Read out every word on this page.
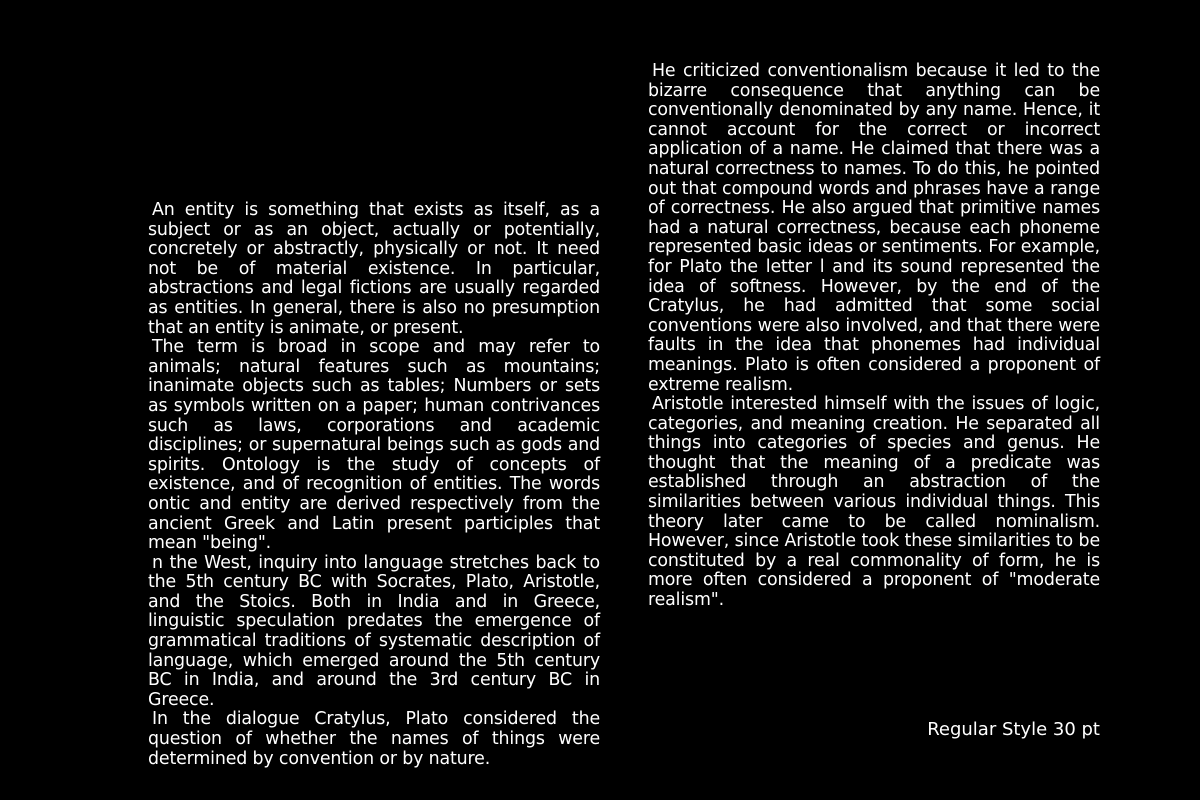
An entity is something that exists as itself, as a subject or as an object, actually or potentially, concretely or abstractly, physically or not. It need not be of material existence. In particular, abstractions and legal fictions are usually regarded as entities. In general, there is also no presumption that an entity is animate, or present.

The term is broad in scope and may refer to animals; natural features such as mountains; inanimate objects such as tables; Numbers or sets as symbols written on a paper; human contrivances such as laws, corporations and academic disciplines; or supernatural beings such as gods and spirits. Ontology is the study of concepts of existence, and of recognition of entities. The words ontic and entity are derived respectively from the ancient Greek and Latin present participles that mean "being".

n the West, inquiry into language stretches back to the 5th century BC with Socrates, Plato, Aristotle, and the Stoics. Both in India and in Greece, linguistic speculation predates the emergence of grammatical traditions of systematic description of language, which emerged around the 5th century BC in India, and around the 3rd century BC in Greece.

In the dialogue Cratylus, Plato considered the question of whether the names of things were determined by convention or by nature.

He criticized conventionalism because it led to the bizarre consequence that anything can be conventionally denominated by any name. Hence, it cannot account for the correct or incorrect application of a name. He claimed that there was a natural correctness to names. To do this, he pointed out that compound words and phrases have a range of correctness. He also argued that primitive names had a natural correctness, because each phoneme represented basic ideas or sentiments. For example, for Plato the letter l and its sound represented the idea of softness. However, by the end of the Cratylus, he had admitted that some social conventions were also involved, and that there were faults in the idea that phonemes had individual meanings. Plato is often considered a proponent of extreme realism.

Aristotle interested himself with the issues of logic, categories, and meaning creation. He separated all things into categories of species and genus. He thought that the meaning of a predicate was established through an abstraction of the similarities between various individual things. This theory later came to be called nominalism. However, since Aristotle took these similarities to be constituted by a real commonality of form, he is more often considered a proponent of "moderate realism".

Regular Style 30 pt
